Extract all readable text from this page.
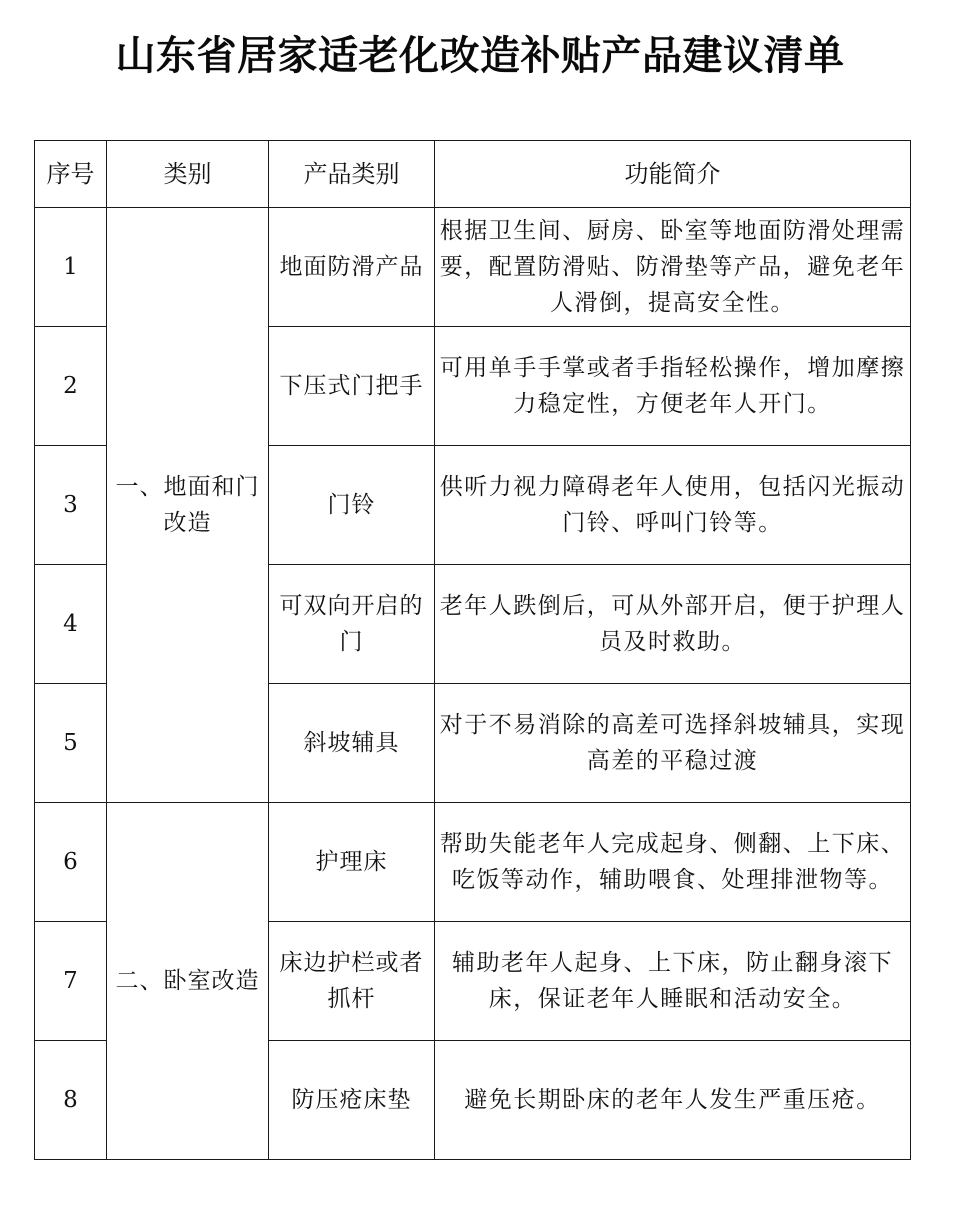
山东省居家适老化改造补贴产品建议清单
序号	类别	产品类别	功能简介
1	一、地面和门改造	地面防滑产品	根据卫生间、厨房、卧室等地面防滑处理需要，配置防滑贴、防滑垫等产品，避免老年人滑倒，提高安全性。
2		下压式门把手	可用单手手掌或者手指轻松操作，增加摩擦力稳定性，方便老年人开门。
3		门铃	供听力视力障碍老年人使用，包括闪光振动门铃、呼叫门铃等。
4		可双向开启的门	老年人跌倒后，可从外部开启，便于护理人员及时救助。
5		斜坡辅具	对于不易消除的高差可选择斜坡辅具，实现高差的平稳过渡
6	二、卧室改造	护理床	帮助失能老年人完成起身、侧翻、上下床、吃饭等动作，辅助喂食、处理排泄物等。
7		床边护栏或者抓杆	辅助老年人起身、上下床，防止翻身滚下床，保证老年人睡眠和活动安全。
8		防压疮床垫	避免长期卧床的老年人发生严重压疮。
